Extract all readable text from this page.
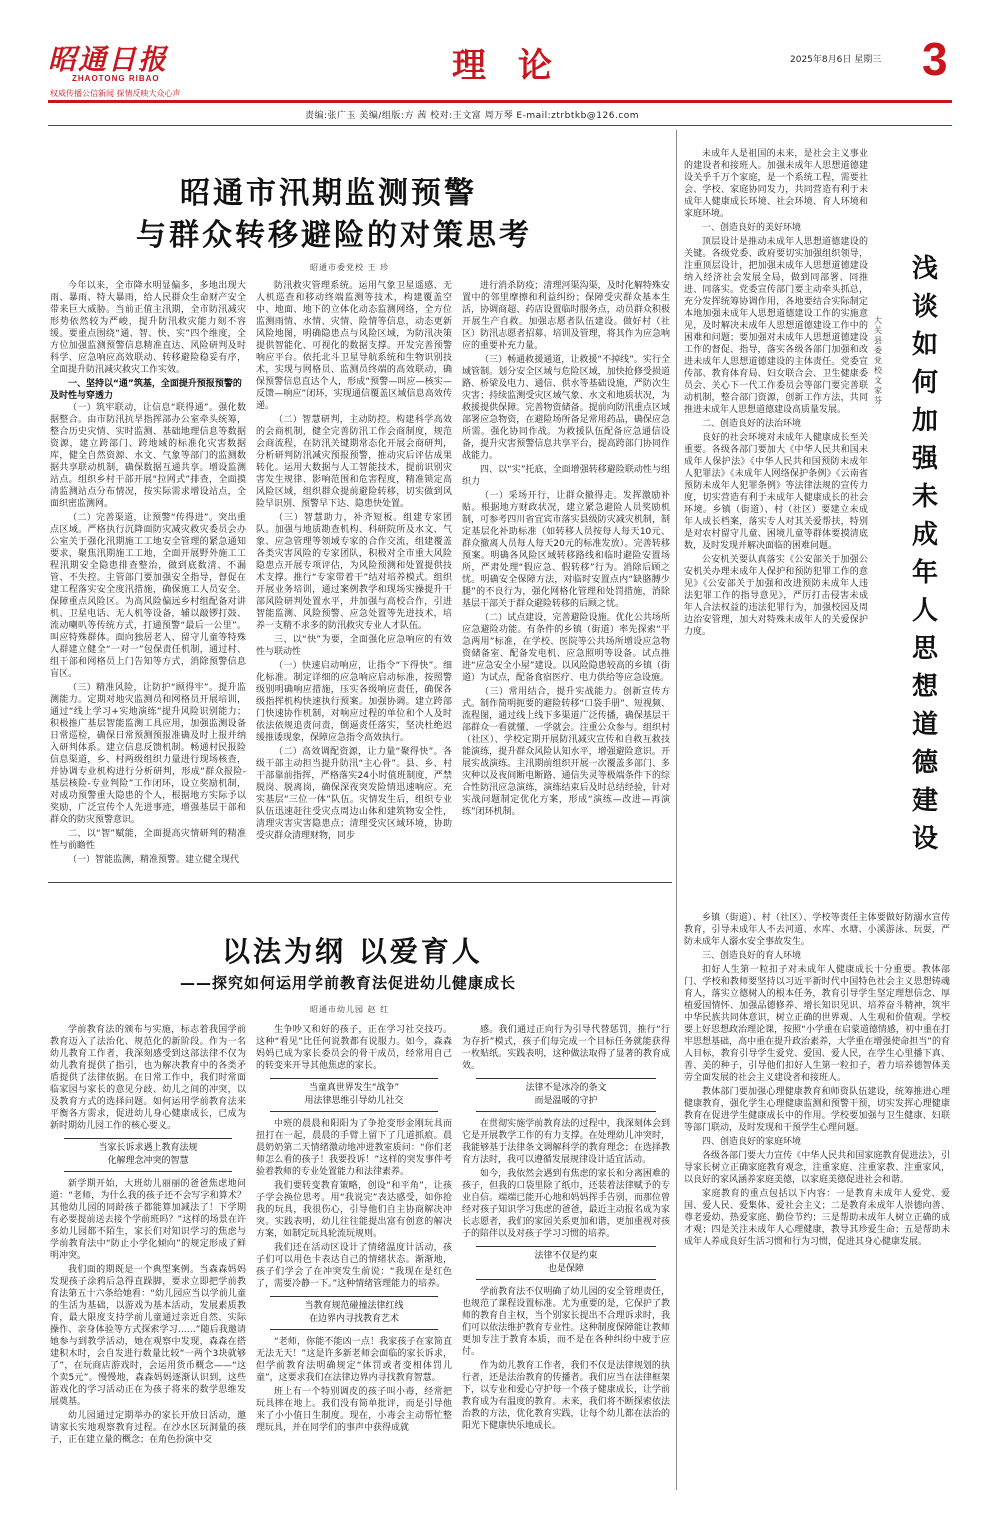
昭通日报
ZHAOTONG RIBAO
权威传播公信新闻 探情反映大众心声
理 论	2025年8月6日 星期三 3
责编:张广玉 美编/组版:方 茜 校对:王文富 周万琴 E-mail:ztrbtkb@126.com
昭通市汛期监测预警
与群众转移避险的对策思考
昭通市委党校 王 珍
今年以来，全市降水明显偏多，多地出现大雨、暴雨、特大暴雨，给人民群众生命财产安全带来巨大威胁。当前正值主汛期，全市防汛减灾形势依然较为严峻，提升防汛救灾能力刻不容缓。要重点围绕“通、智、快、实”四个维度，全方位加强监测预警信息精准直达、风险研判及时科学、应急响应高效联动、转移避险稳妥有序，全面提升防汛减灾救灾工作实效。
一、坚持以“通”筑基，全面提升预报预警的及时性与穿透力
（一）筑牢联动，让信息“联得通”。强化数据整合。由市防汛抗旱指挥部办公室牵头统筹，整合历史灾情、实时监测、基础地理信息等数据资源，建立跨部门、跨地域的标准化灾害数据库，健全自然资源、水文、气象等部门的监测数据共享联动机制，确保数据互通共享。增设监测站点。组织乡村干部开展“拉网式”排查，全面摸清监测站点分布情况，按实际需求增设站点，全面织密监测网。
（二）完善渠道，让预警“传得进”。突出重点区域。严格执行沉降面防灾减灾救灾委员会办公室关于强化汛期施工工地安全管理的紧急通知要求，聚焦汛期施工工地，全面开展野外施工工程汛期安全隐患排查整治，做到底数清、不漏管、不失控。主管部门要加强安全指导，督促在建工程落实安全度汛措施，确保施工人员安全。保障重点风险区。为高风险偏远乡村组配备对讲机、卫星电话、无人机等设备，辅以敲锣打鼓、流动喇叭等传统方式，打通预警“最后一公里”。叫应特殊群体。面向独居老人、留守儿童等特殊人群建立健全“一对一”包保责任机制，通过村、组干部和网格员上门告知等方式，消除预警信息盲区。
（三）精准风险，让防护“顾得牢”。提升监测能力。定期对地灾监测员和网格员开展培训，通过“线上学习+实地演练”提升风险识别能力；积极推广基层智能监测工具应用，加强监测设备日常巡检，确保日常预测预报准确及时上报并纳入研判体系。建立信息反馈机制。畅通村民报险信息渠道，乡、村两级组织力量进行现场核查，并协调专业机构进行分析研判，形成“群众报险-基层核险-专业判险”工作闭环，设立奖励机制，对成功预警重大隐患的个人，根据地方实际予以奖励，广泛宣传个人先进事迹，增强基层干部和群众的防灾预警意识。
二、以“智”赋能，全面提高灾情研判的精准性与前瞻性
（一）智能监测，精准预警。建立健全现代
防汛救灾管理系统。运用气象卫星遥感、无人机巡查和移动终端监测等技术，构建覆盖空中、地面、地下的立体化动态监测网络，全方位监测雨情、水情、灾情、险情等信息，动态更新风险地图，明确隐患点与风险区域，为防汛决策提供智能化、可视化的数据支撑。开发完善预警响应平台。依托北斗卫星导航系统和生物识别技术，实现与网格员、监测员终端的高效联动，确保预警信息直达个人，形成“预警—叫应—核实—反馈—响应”闭环，实现通信覆盖区域信息高效传递。
（二）智慧研判，主动防控。构建科学高效的会商机制，健全完善防汛工作会商制度，规范会商流程，在防汛关键期常态化开展会商研判，分析研判防汛减灾预报预警，推动灾后评估成果转化。运用大数据与人工智能技术，提前识别灾害发生规律、影响范围和危害程度，精准锁定高风险区域，组织群众提前避险转移，切实做到风险早识别、预警早下达、隐患快处置。
（三）智慧助力，补齐短板。组建专家团队。加强与地质勘查机构、科研院所及水文、气象、应急管理等领域专家的合作交流，组建覆盖各类灾害风险的专家团队，积极对全市重大风险隐患点开展专项评估，为风险预测和处置提供技术支撑。推行“专家带着干”结对培养模式。组织开展业务培训，通过案例教学和现场实操提升干部风险研判处置水平，并加强与高校合作，引进智能监测、风险预警、应急处置等先进技术，培养一支精不求多的防汛救灾专业人才队伍。
三、以“快”为要，全面强化应急响应的有效性与联动性
（一）快速启动响应，让指令“下得快”。细化标准。制定详细的应急响应启动标准，按照警级别明确响应措施，压实各级响应责任，确保各级指挥机构快速执行预案。加强协调。建立跨部门快速协作机制，对响应过程的单位和个人及时依法依规追责问责，倒逼责任落实，坚决杜绝迟缓推诿现象，保障应急指令高效执行。
（二）高效调配资源，让力量“聚得快”。各级干部主动担当提升防汛“主心骨”。县、乡、村干部靠前指挥，严格落实24小时值班制度，严禁脱岗、脱离岗，确保深夜突发险情迅速响应。充实基层“三位一体”队伍。灾情发生后，组织专业队伍迅速赶往受灾点周边山体和建筑物安全性，清理灾害灾害隐患点；清理受灾区域环境，协助受灾群众清理财物，同步
进行消杀防疫；清理河渠沟渠，及时化解特殊安置中的邻里摩擦和利益纠纷；保障受灾群众基本生活，协调商超、药店设置临时服务点，动员群众积极开展生产自救。加强志愿者队伍建设。做好村（社区）防汛志愿者招募、培训及管理，将其作为应急响应的重要补充力量。
（三）畅通救援通道，让救援“不掉线”。实行全域管制。划分安全区域与危险区域，加快抢修受损道路、桥梁及电力、通信、供水等基础设施，严防次生灾害；持续监测受灾区域气象、水文和地质状况，为救援提供保障。完善物资储备。提前向防汛重点区域部署应急物资，在避险场所备足常用药品，确保应急所需。强化协同作战。为救援队伍配备应急通信设备，提升灾害预警信息共享平台，提高跨部门协同作战能力。
四、以“实”托底，全面增强转移避险联动性与组织力
（一）采场开行，让群众撤得走。发挥激励补贴。根据地方财政状况，建立紧急避险人员奖励机制，可参考四川省宜宾市落实县级防灾减灾机制，制定基层化补助标准（如转移人员按每人每天10元、群众撤离人员每人每天20元的标准发放）。完善转移预案。明确各风险区域转移路线和临时避险安置场所，严肃处理“假应急、假转移”行为。消除后顾之忧。明确安全保障方法，对临时安置点内“缺胳膊少腿”的不良行为，强化网格化管理和处罚措施，消除基层干部关于群众避险转移的后顾之忧。
（二）试点建设，完善避险设施。优化公共场所应急避险功能。有条件的乡镇（街道）率先探索“平急两用”标准，在学校、医院等公共场所增设应急物资储备室、配备发电机、应急照明等设备。试点推进“应急安全小屋”建设。以风险隐患较高的乡镇（街道）为试点，配备食宿医疗、电力供给等应急设施。
（三）常用结合，提升实战能力。创新宣传方式。制作简明扼要的避险转移“口袋手册”、短视频、流程图，通过线上线下多渠道广泛传播，确保基层干部群众一看就懂、一学就会。注重公众参与。组织村（社区）、学校定期开展防汛减灾宣传和自救互救技能演练，提升群众风险认知水平，增强避险意识。开展实战演练。主汛期前组织开展一次覆盖多部门、多灾种以及夜间断电断路、通信失灵等极端条件下的综合性防汛应急演练，演练结束后及时总结经验，针对实战问题制定优化方案，形成“演练—改进—再演练”闭环机制。
以法为纲 以爱育人
——探究如何运用学前教育法促进幼儿健康成长
昭通市幼儿园 赵 红
学前教育法的颁布与实施，标志着我国学前教育迈入了法治化、规范化的新阶段。作为一名幼儿教育工作者，我深刻感受到这部法律不仅为幼儿教育提供了指引，也为解决教育中的各类矛盾提供了法律依据。在日常工作中，我们时常面临家园与家长的意见分歧、幼儿之间的冲突，以及教育方式的选择问题。如何运用学前教育法来平衡各方需求，促进幼儿身心健康成长，已成为新时期幼儿园工作的核心要义。
当家长诉求遇上教育法规
化解理念冲突的智慧
新学期开始，大班幼儿丽丽的爸爸焦虑地问道：“老师，为什么我的孩子还不会写字和算术？其他幼儿园的同龄孩子都能算加减法了！下学期有必要提前送去接个学前班吗？”这样的场景在许多幼儿园都不陌生，家长们对知识学习的焦虑与学前教育法中“防止小学化倾向”的规定形成了鲜明冲突。
我们面的期既是一个典型案例。当森森妈妈发现孩子涂鸦后急得直跺脚，要求立即把学前教育法第五十六条给她看：“幼儿园应当以学前儿童的生活为基础，以游戏为基本活动，发展素质教育，最大限度支持学前儿童通过亲近自然、实际操作、亲身体验等方式探索学习……”随后我邀请她参与到教学活动，她在观察中发现，森森在搭建积木时，会自发进行数量比较“一两个3块就够了”，在玩商店游戏时，会运用货币概念——“这个卖5元”。慢慢地，森森妈妈逐渐认识到，这些游戏化的学习活动正在为孩子将来的数学思维发展奠基。
幼儿园通过定期举办的家长开放日活动，邀请家长实地观察教育过程。在沙水区玩洞量的孩子，正在建立量的概念；在角色扮演中交
生争吵又和好的孩子，正在学习社交技巧。这种“看见”比任何说教都有说服力。如今，森森妈妈已成为家长委员会的骨干成员，经常用自己的转变来开导其他焦虑的家长。
当童真世界发生“战争”
用法律思维引导幼儿社交
中班的晨晨和阳阳为了争抢变形金刚玩具而扭打在一起，晨晨的手臂上留下了几道抓痕。晨晨奶奶第二天情绪激动地冲进教室质问：“你们老师怎么看的孩子！我要投诉！”这样的突发事件考验着教师的专业处置能力和法律素养。
我们要转变教育策略，创设“和平角”，让孩子学会换位思考。用“我说完”表达感受，如你抢我的玩具，我很伤心，引导他们自主协商解决冲突。实践表明，幼儿往往能提出富有创意的解决方案，如制定玩具轮流玩规则。
我们还在活动区设计了情绪温度计活动，孩子们可以用色卡表达自己的情绪状态。渐渐地，孩子们学会了在冲突发生前说：“我现在是红色了，需要冷静一下。”这种情绪管理能力的培养。
当教育规范碰撞法律红线
在边界内寻找教育艺术
“老师，你能不能凶一点！我家孩子在家简直无法无天！”这是许多新老师会面临的家长诉求，但学前教育法明确规定“体罚或者变相体罚儿童”，这要求我们在法律边界内寻找教育智慧。
班上有一个特别调皮的孩子叫小毒，经常把玩具摔在地上。我们没有简单批评，而是引导他来了小小值日生制度。现在，小毒会主动帮忙整理玩具，并在同学们的事声中获得成就
感。我们通过正向行为引导代替惩罚，推行“行为存折”模式，孩子们每完成一个目标任务就能获得一枚贴纸。实践表明，这种做法取得了显著的教育成效。
法律不是冰冷的条文
而是温暖的守护
在贯彻实施学前教育法的过程中，我深刻体会到它是开展教学工作的有力支撑。在处理幼儿冲突时，我能够基于法律条文调解科学的教育理念；在选择教育方法时，我可以遵循发展规律设计适宜活动。
如今，我依然会遇到有焦虑的家长和分离困难的孩子，但我的口袋里除了纸巾，还装着法律赋予的专业自信。端端已能开心地和妈妈挥手告别，而那位曾经对孩子知识学习焦虑的爸爸，最近主动报名成为家长志愿者，我们的家园关系更加和谐，更加重视对孩子的陪伴以及对孩子学习习惯的培养。
法律不仅是约束
也是保障
学前教育法不仅明确了幼儿园的安全管理责任，也规范了课程设置标准。尤为重要的是，它保护了教师的教育自主权，当个别家长提出不合理诉求时，我们可以依法维护教育专业性。这种制度保障能让教师更加专注于教育本质，而不是在各种纠纷中疲于应付。
作为幼儿教育工作者，我们不仅是法律规划的执行者，还是法治教育的传播者。我们应当在法律框架下，以专业和爱心守护每一个孩子健康成长，让学前教育成为有温度的教育。未来，我们将不断探索依法治教的方法，优化教育实践，让每个幼儿都在法治的阳光下健康快乐地成长。
浅谈如何加强未成年人思想道德建设
大关县委党校 文家芬
未成年人是祖国的未来，是社会主义事业的建设者和接班人。加强未成年人思想道德建设关乎千万个家庭，是一个系统工程，需要社会、学校、家庭协同发力，共同营造有利于未成年人健康成长环境、社会环境、育人环境和家庭环境。
一、创造良好的美好环境
顶层设计是推动未成年人思想道德建设的关键。各级党委、政府要切实加强组织领导，注重顶层设计，把加强未成年人思想道德建设纳入经济社会发展全局，做到同部署、同推进、同落实。党委宣传部门要主动牵头抓总，充分发挥统筹协调作用，各地要结合实际制定本地加强未成年人思想道德建设工作的实施意见，及时解决未成年人思想道德建设工作中的困难和问题；要加强对未成年人思想道德建设工作的督促、指导，落实各级各部门加强和改进未成年人思想道德建设的主体责任。党委宣传部、教育体育局、妇女联合会、卫生健康委员会、关心下一代工作委员会等部门要完善联动机制，整合部门资源，创新工作方法，共同推进未成年人思想道德建设高质量发展。
二、创造良好的法治环境
良好的社会环境对未成年人健康成长至关重要。各级各部门要加大《中华人民共和国未成年人保护法》《中华人民共和国预防未成年人犯罪法》《未成年人网络保护条例》《云南省预防未成年人犯罪条例》等法律法规的宣传力度，切实营造有利于未成年人健康成长的社会环境。乡镇（街道）、村（社区）要建立未成年人成长档案，落实专人对其关爱帮扶，特别是对农村留守儿童、困境儿童等群体要摸清底数，及时发现并解决面临的困难问题。
公安机关要认真落实《公安部关于加强公安机关办理未成年人保护和预防犯罪工作的意见》《公安部关于加强和改进预防未成年人违法犯罪工作的指导意见》，严厉打击侵害未成年人合法权益的违法犯罪行为，加强校园及周边治安管理，加大对特殊未成年人的关爱保护力度。
乡镇（街道）、村（社区）、学校等责任主体要做好防溺水宣传教育，引导未成年人不去河道、水库、水塘、小溪游泳、玩耍，严防未成年人溺水安全事故发生。
三、创造良好的育人环境
扣好人生第一粒扣子对未成年人健康成长十分重要。教体部门、学校和教师要坚持以习近平新时代中国特色社会主义思想铸魂育人，落实立德树人的根本任务，教育引导学生坚定理想信念、厚植爱国情怀、加强品德修养、增长知识见识、培养奋斗精神，筑牢中华民族共同体意识，树立正确的世界观、人生观和价值观。学校要上好思想政治理论课，按照“小学重在启蒙道德情感，初中重在打牢思想基础，高中重在提升政治素养，大学重在增强使命担当”的育人目标，教育引导学生爱党、爱国、爱人民，在学生心里播下真、善、美的种子，引导他们扣好人生第一粒扣子，着力培养德智体美劳全面发展的社会主义建设者和接班人。
教体部门要加强心理健康教育和师资队伍建设，统筹推进心理健康教育，强化学生心理健康监测和预警干预，切实发挥心理健康教育在促进学生健康成长中的作用。学校要加强与卫生健康、妇联等部门联动，及时发现和干预学生心理问题。
四、创造良好的家庭环境
各级各部门要大力宣传《中华人民共和国家庭教育促进法》，引导家长树立正确家庭教育观念，注重家庭、注重家教、注重家风，以良好的家风涵养家庭美德，以家庭美德促进社会和谐。
家庭教育的重点包括以下内容：一是教育未成年人爱党、爱国、爱人民、爱集体、爱社会主义；二是教育未成年人崇德向善、尊老爱幼、热爱家庭、勤俭节约；三是帮助未成年人树立正确的成才观；四是关注未成年人心理健康，教导其珍爱生命；五是帮助未成年人养成良好生活习惯和行为习惯，促进其身心健康发展。
